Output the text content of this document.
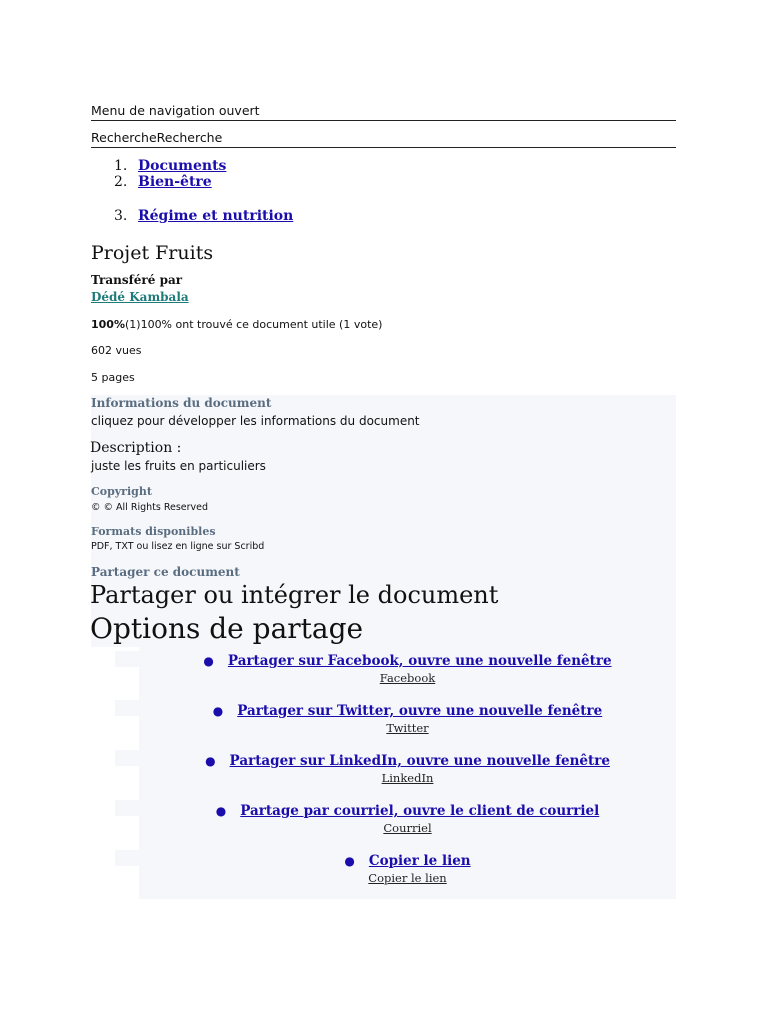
Menu de navigation ouvert
RechercheRecherche
1. Documents
2. Bien-être
3. Régime et nutrition
Projet Fruits
Transféré par
Dédé Kambala
100%(1)100% ont trouvé ce document utile (1 vote)
602 vues
5 pages
Informations du document
cliquez pour développer les informations du document
Description :
juste les fruits en particuliers
Copyright
© © All Rights Reserved
Formats disponibles
PDF, TXT ou lisez en ligne sur Scribd
Partager ce document
Partager ou intégrer le document
Options de partage
● Partager sur Facebook, ouvre une nouvelle fenêtre
Facebook
● Partager sur Twitter, ouvre une nouvelle fenêtre
Twitter
● Partager sur LinkedIn, ouvre une nouvelle fenêtre
LinkedIn
● Partage par courriel, ouvre le client de courriel
Courriel
● Copier le lien
Copier le lien
